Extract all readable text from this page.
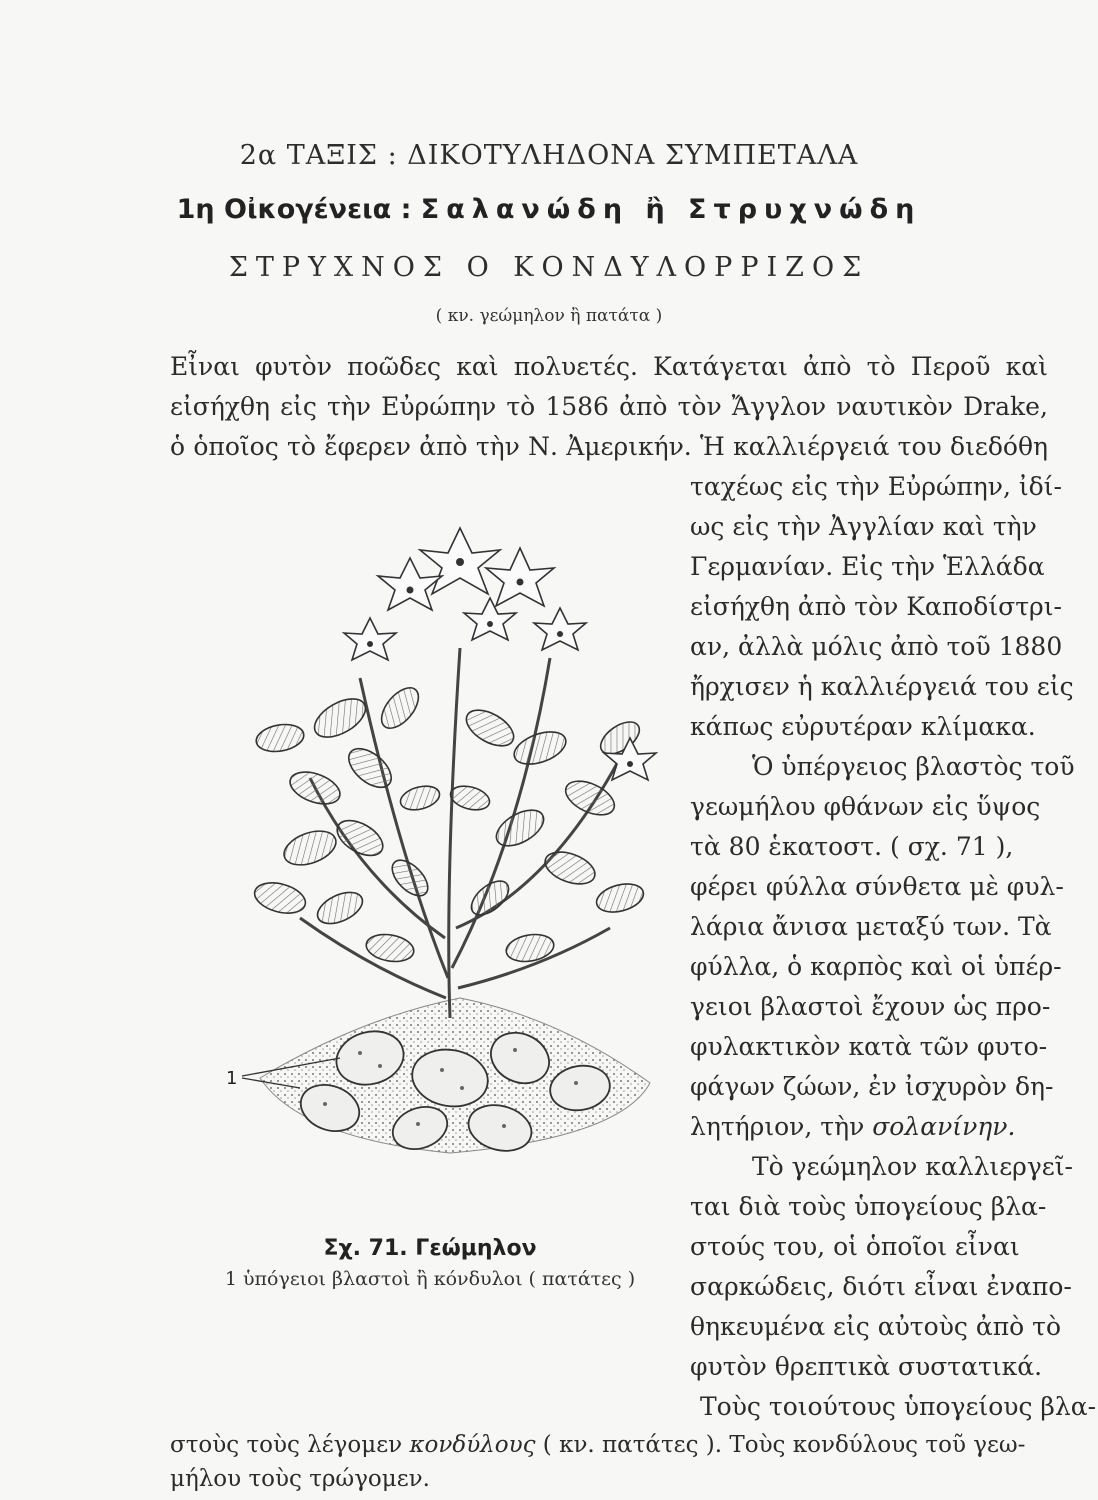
2α ΤΑΞΙΣ : ΔΙΚΟΤΥΛΗΔΟΝΑ ΣΥΜΠΕΤΑΛΑ
1η Οἰκογένεια : Σαλανώδη ἢ Στρυχνώδη
ΣΤΡΥΧΝΟΣ Ο ΚΟΝΔΥΛΟΡΡΙΖΟΣ
( κν. γεώμηλον ἢ πατάτα )
Εἶναι φυτὸν ποῶδες καὶ πολυετές. Κατάγεται ἀπὸ τὸ Περοῦ καὶ
εἰσήχθη εἰς τὴν Εὐρώπην τὸ 1586 ἀπὸ τὸν Ἄγγλον ναυτικὸν Drake,
ὁ ὁποῖος τὸ ἔφερεν ἀπὸ τὴν Ν. Ἀμερικήν. Ἡ καλλιέργειά του διεδόθη
ταχέως εἰς τὴν Εὐρώπην, ἰδί-
ως εἰς τὴν Ἀγγλίαν καὶ τὴν
Γερμανίαν. Εἰς τὴν Ἑλλάδα
εἰσήχθη ἀπὸ τὸν Καποδίστρι-
αν, ἀλλὰ μόλις ἀπὸ τοῦ 1880
ἤρχισεν ἡ καλλιέργειά του εἰς
κάπως εὐρυτέραν κλίμακα.
Ὁ ὑπέργειος βλαστὸς τοῦ
γεωμήλου φθάνων εἰς ὕψος
τὰ 80 ἑκατοστ. ( σχ. 71 ),
φέρει φύλλα σύνθετα μὲ φυλ-
λάρια ἄνισα μεταξύ των. Τὰ
φύλλα, ὁ καρπὸς καὶ οἱ ὑπέρ-
γειοι βλαστοὶ ἔχουν ὡς προ-
φυλακτικὸν κατὰ τῶν φυτο-
φάγων ζώων, ἐν ἰσχυρὸν δη-
λητήριον, τὴν σολανίνην.
Τὸ γεώμηλον καλλιεργεῖ-
ται διὰ τοὺς ὑπογείους βλα-
στούς του, οἱ ὁποῖοι εἶναι
σαρκώδεις, διότι εἶναι ἐναπο-
θηκευμένα εἰς αὐτοὺς ἀπὸ τὸ
φυτὸν θρεπτικὰ συστατικά.
Τοὺς τοιούτους ὑπογείους βλα-
στοὺς τοὺς λέγομεν κονδύλους ( κν. πατάτες ). Τοὺς κονδύλους τοῦ γεω-
μήλου τοὺς τρώγομεν.
1
Σχ. 71. Γεώμηλον
1 ὑπόγειοι βλαστοὶ ἢ κόνδυλοι ( πατάτες )
